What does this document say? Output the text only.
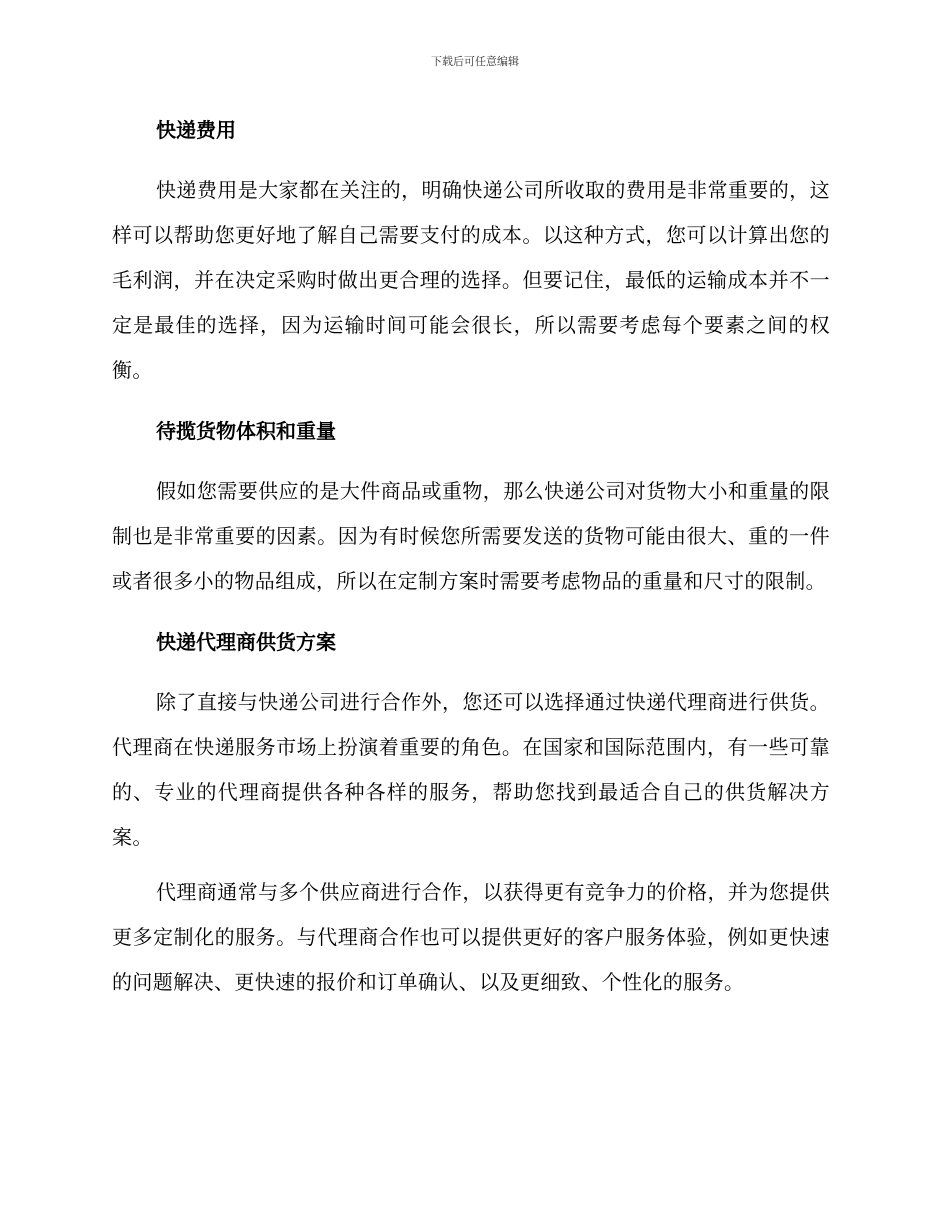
下载后可任意编辑
快递费用

快递费用是大家都在关注的，明确快递公司所收取的费用是非常重要的，这样可以帮助您更好地了解自己需要支付的成本。以这种方式，您可以计算出您的毛利润，并在决定采购时做出更合理的选择。但要记住，最低的运输成本并不一定是最佳的选择，因为运输时间可能会很长，所以需要考虑每个要素之间的权衡。

待揽货物体积和重量

假如您需要供应的是大件商品或重物，那么快递公司对货物大小和重量的限制也是非常重要的因素。因为有时候您所需要发送的货物可能由很大、重的一件或者很多小的物品组成，所以在定制方案时需要考虑物品的重量和尺寸的限制。

快递代理商供货方案

除了直接与快递公司进行合作外，您还可以选择通过快递代理商进行供货。代理商在快递服务市场上扮演着重要的角色。在国家和国际范围内，有一些可靠的、专业的代理商提供各种各样的服务，帮助您找到最适合自己的供货解决方案。

代理商通常与多个供应商进行合作，以获得更有竞争力的价格，并为您提供更多定制化的服务。与代理商合作也可以提供更好的客户服务体验，例如更快速的问题解决、更快速的报价和订单确认、以及更细致、个性化的服务。
